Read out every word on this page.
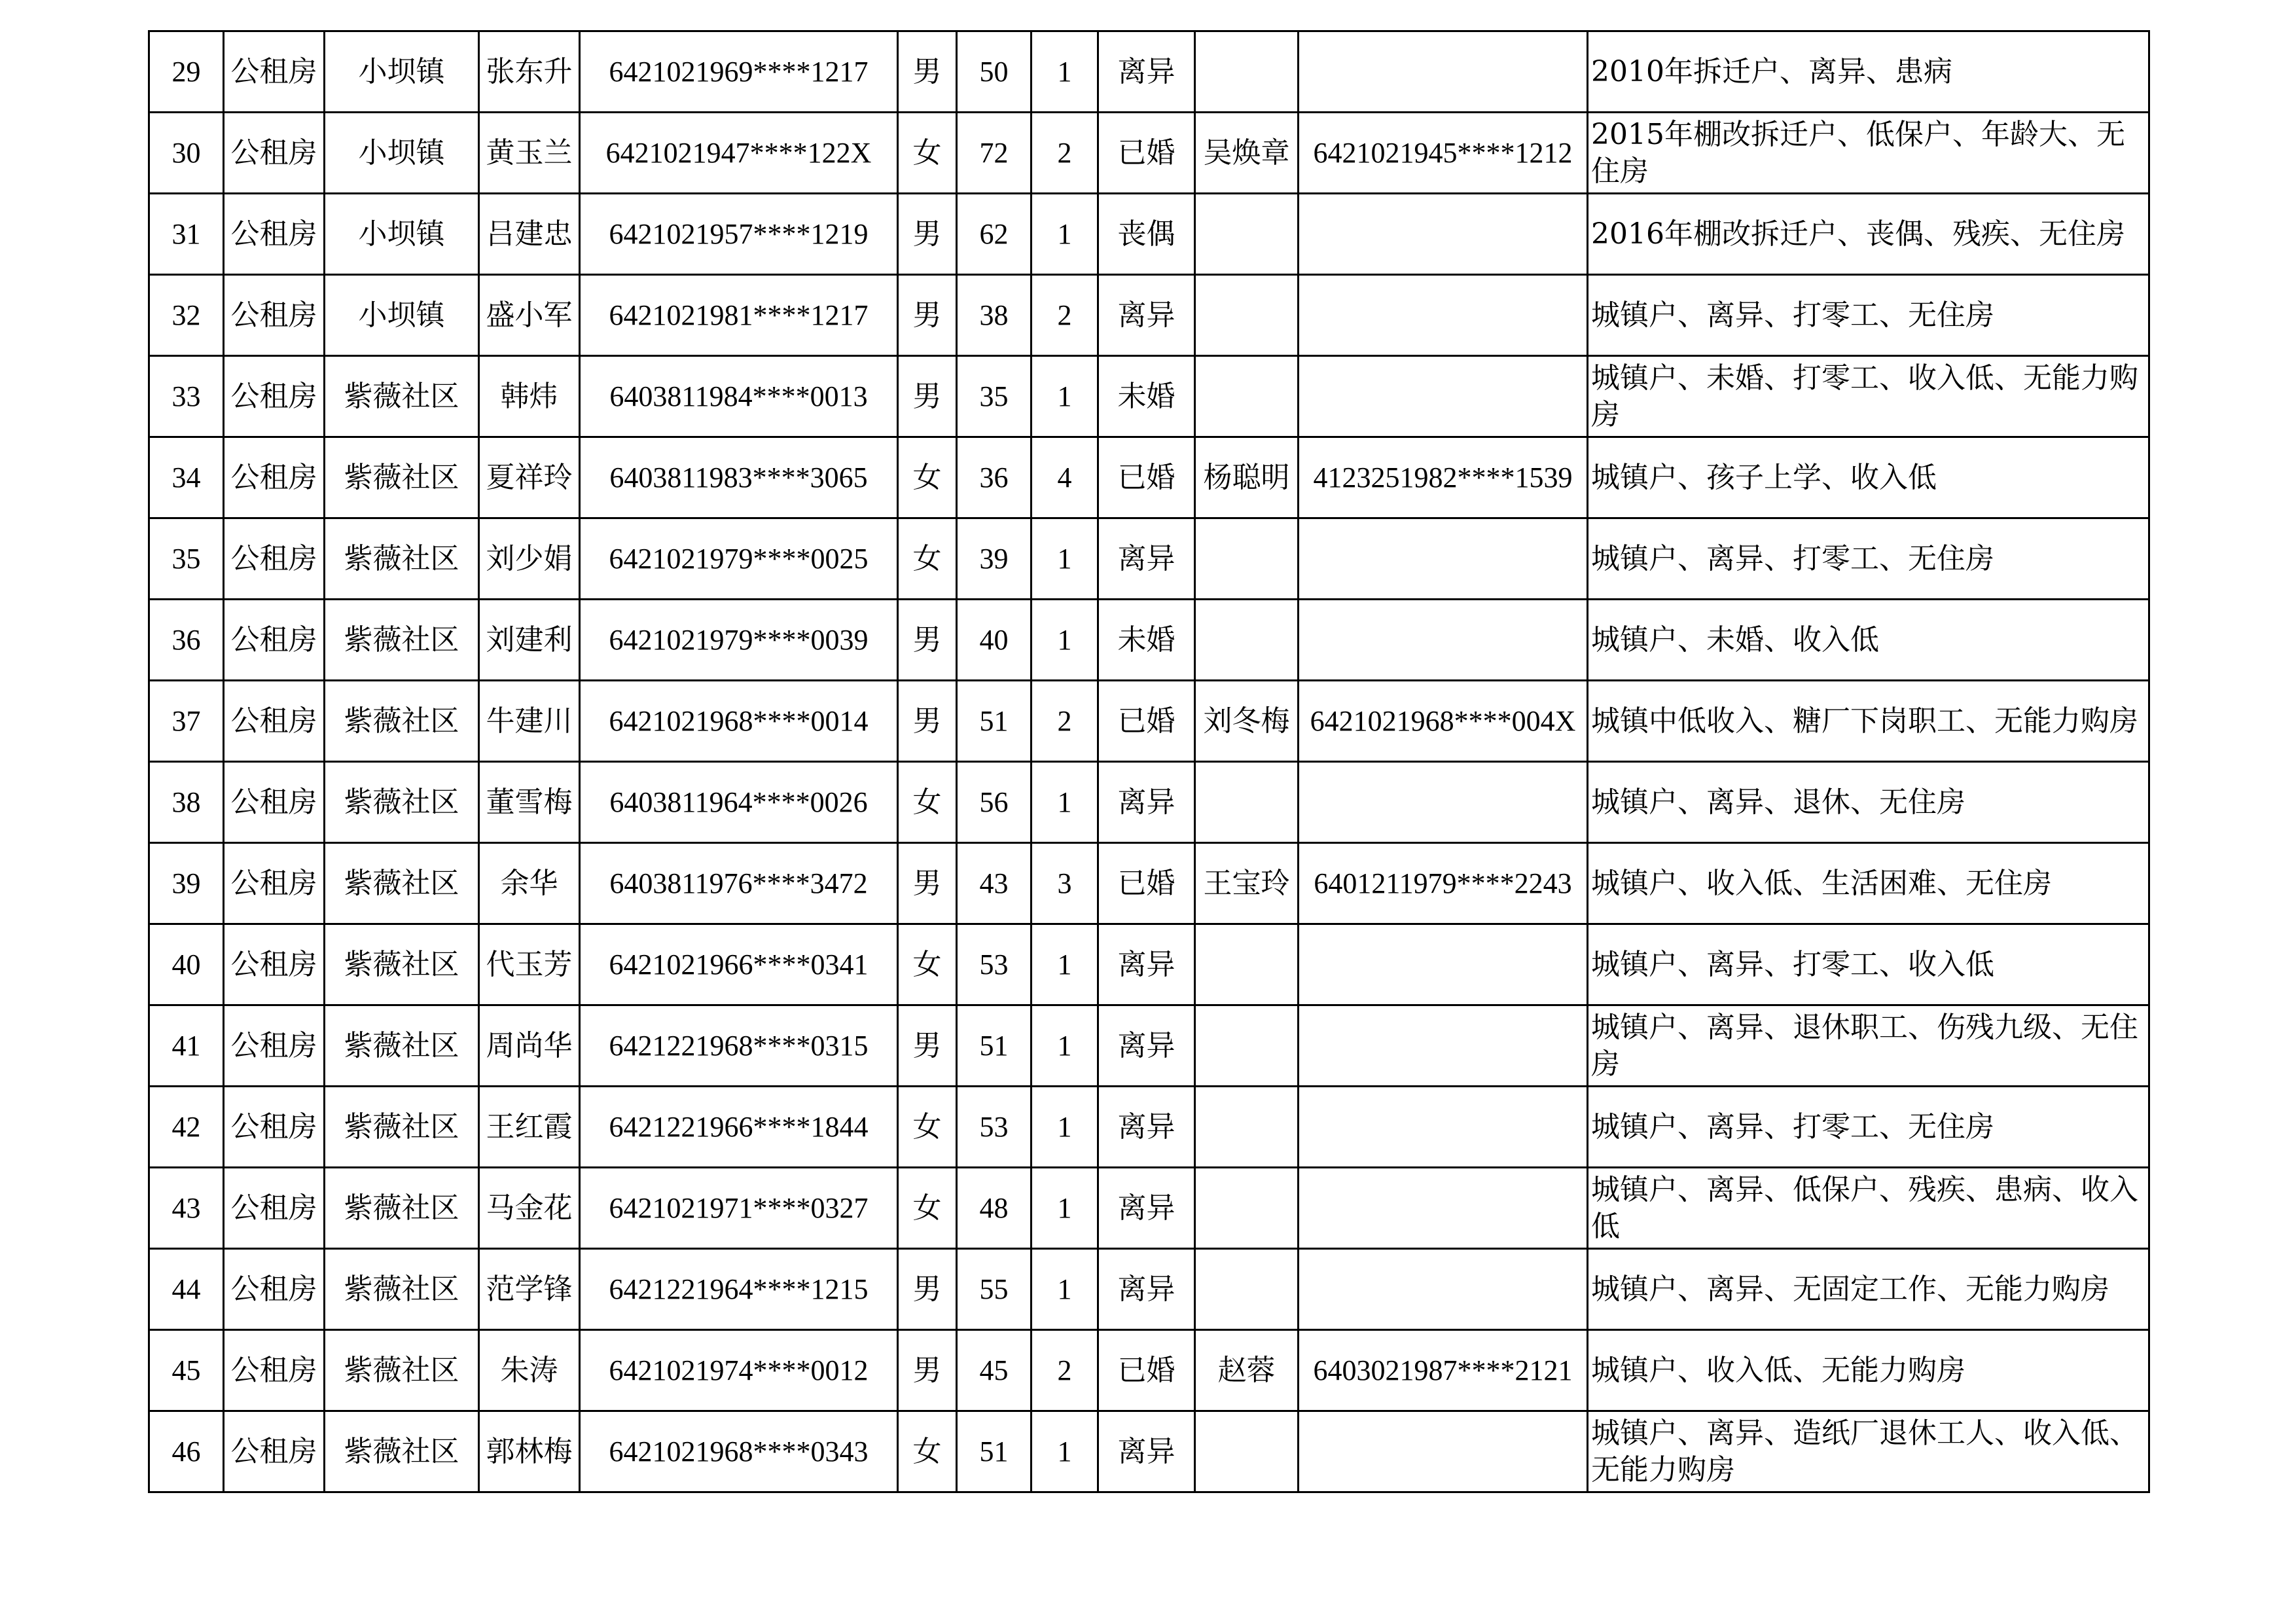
29	公租房	小坝镇	张东升	6421021969****1217	男	50	1	离异			2010年拆迁户、离异、患病
30	公租房	小坝镇	黄玉兰	6421021947****122X	女	72	2	已婚	吴焕章	6421021945****1212	2015年棚改拆迁户、低保户、年龄大、无住房
31	公租房	小坝镇	吕建忠	6421021957****1219	男	62	1	丧偶			2016年棚改拆迁户、丧偶、残疾、无住房
32	公租房	小坝镇	盛小军	6421021981****1217	男	38	2	离异			城镇户、离异、打零工、无住房
33	公租房	紫薇社区	韩炜	6403811984****0013	男	35	1	未婚			城镇户、未婚、打零工、收入低、无能力购房
34	公租房	紫薇社区	夏祥玲	6403811983****3065	女	36	4	已婚	杨聪明	4123251982****1539	城镇户、孩子上学、收入低
35	公租房	紫薇社区	刘少娟	6421021979****0025	女	39	1	离异			城镇户、离异、打零工、无住房
36	公租房	紫薇社区	刘建利	6421021979****0039	男	40	1	未婚			城镇户、未婚、收入低
37	公租房	紫薇社区	牛建川	6421021968****0014	男	51	2	已婚	刘冬梅	6421021968****004X	城镇中低收入、糖厂下岗职工、无能力购房
38	公租房	紫薇社区	董雪梅	6403811964****0026	女	56	1	离异			城镇户、离异、退休、无住房
39	公租房	紫薇社区	余华	6403811976****3472	男	43	3	已婚	王宝玲	6401211979****2243	城镇户、收入低、生活困难、无住房
40	公租房	紫薇社区	代玉芳	6421021966****0341	女	53	1	离异			城镇户、离异、打零工、收入低
41	公租房	紫薇社区	周尚华	6421221968****0315	男	51	1	离异			城镇户、离异、退休职工、伤残九级、无住房
42	公租房	紫薇社区	王红霞	6421221966****1844	女	53	1	离异			城镇户、离异、打零工、无住房
43	公租房	紫薇社区	马金花	6421021971****0327	女	48	1	离异			城镇户、离异、低保户、残疾、患病、收入低
44	公租房	紫薇社区	范学锋	6421221964****1215	男	55	1	离异			城镇户、离异、无固定工作、无能力购房
45	公租房	紫薇社区	朱涛	6421021974****0012	男	45	2	已婚	赵蓉	6403021987****2121	城镇户、收入低、无能力购房
46	公租房	紫薇社区	郭林梅	6421021968****0343	女	51	1	离异			城镇户、离异、造纸厂退休工人、收入低、无能力购房
